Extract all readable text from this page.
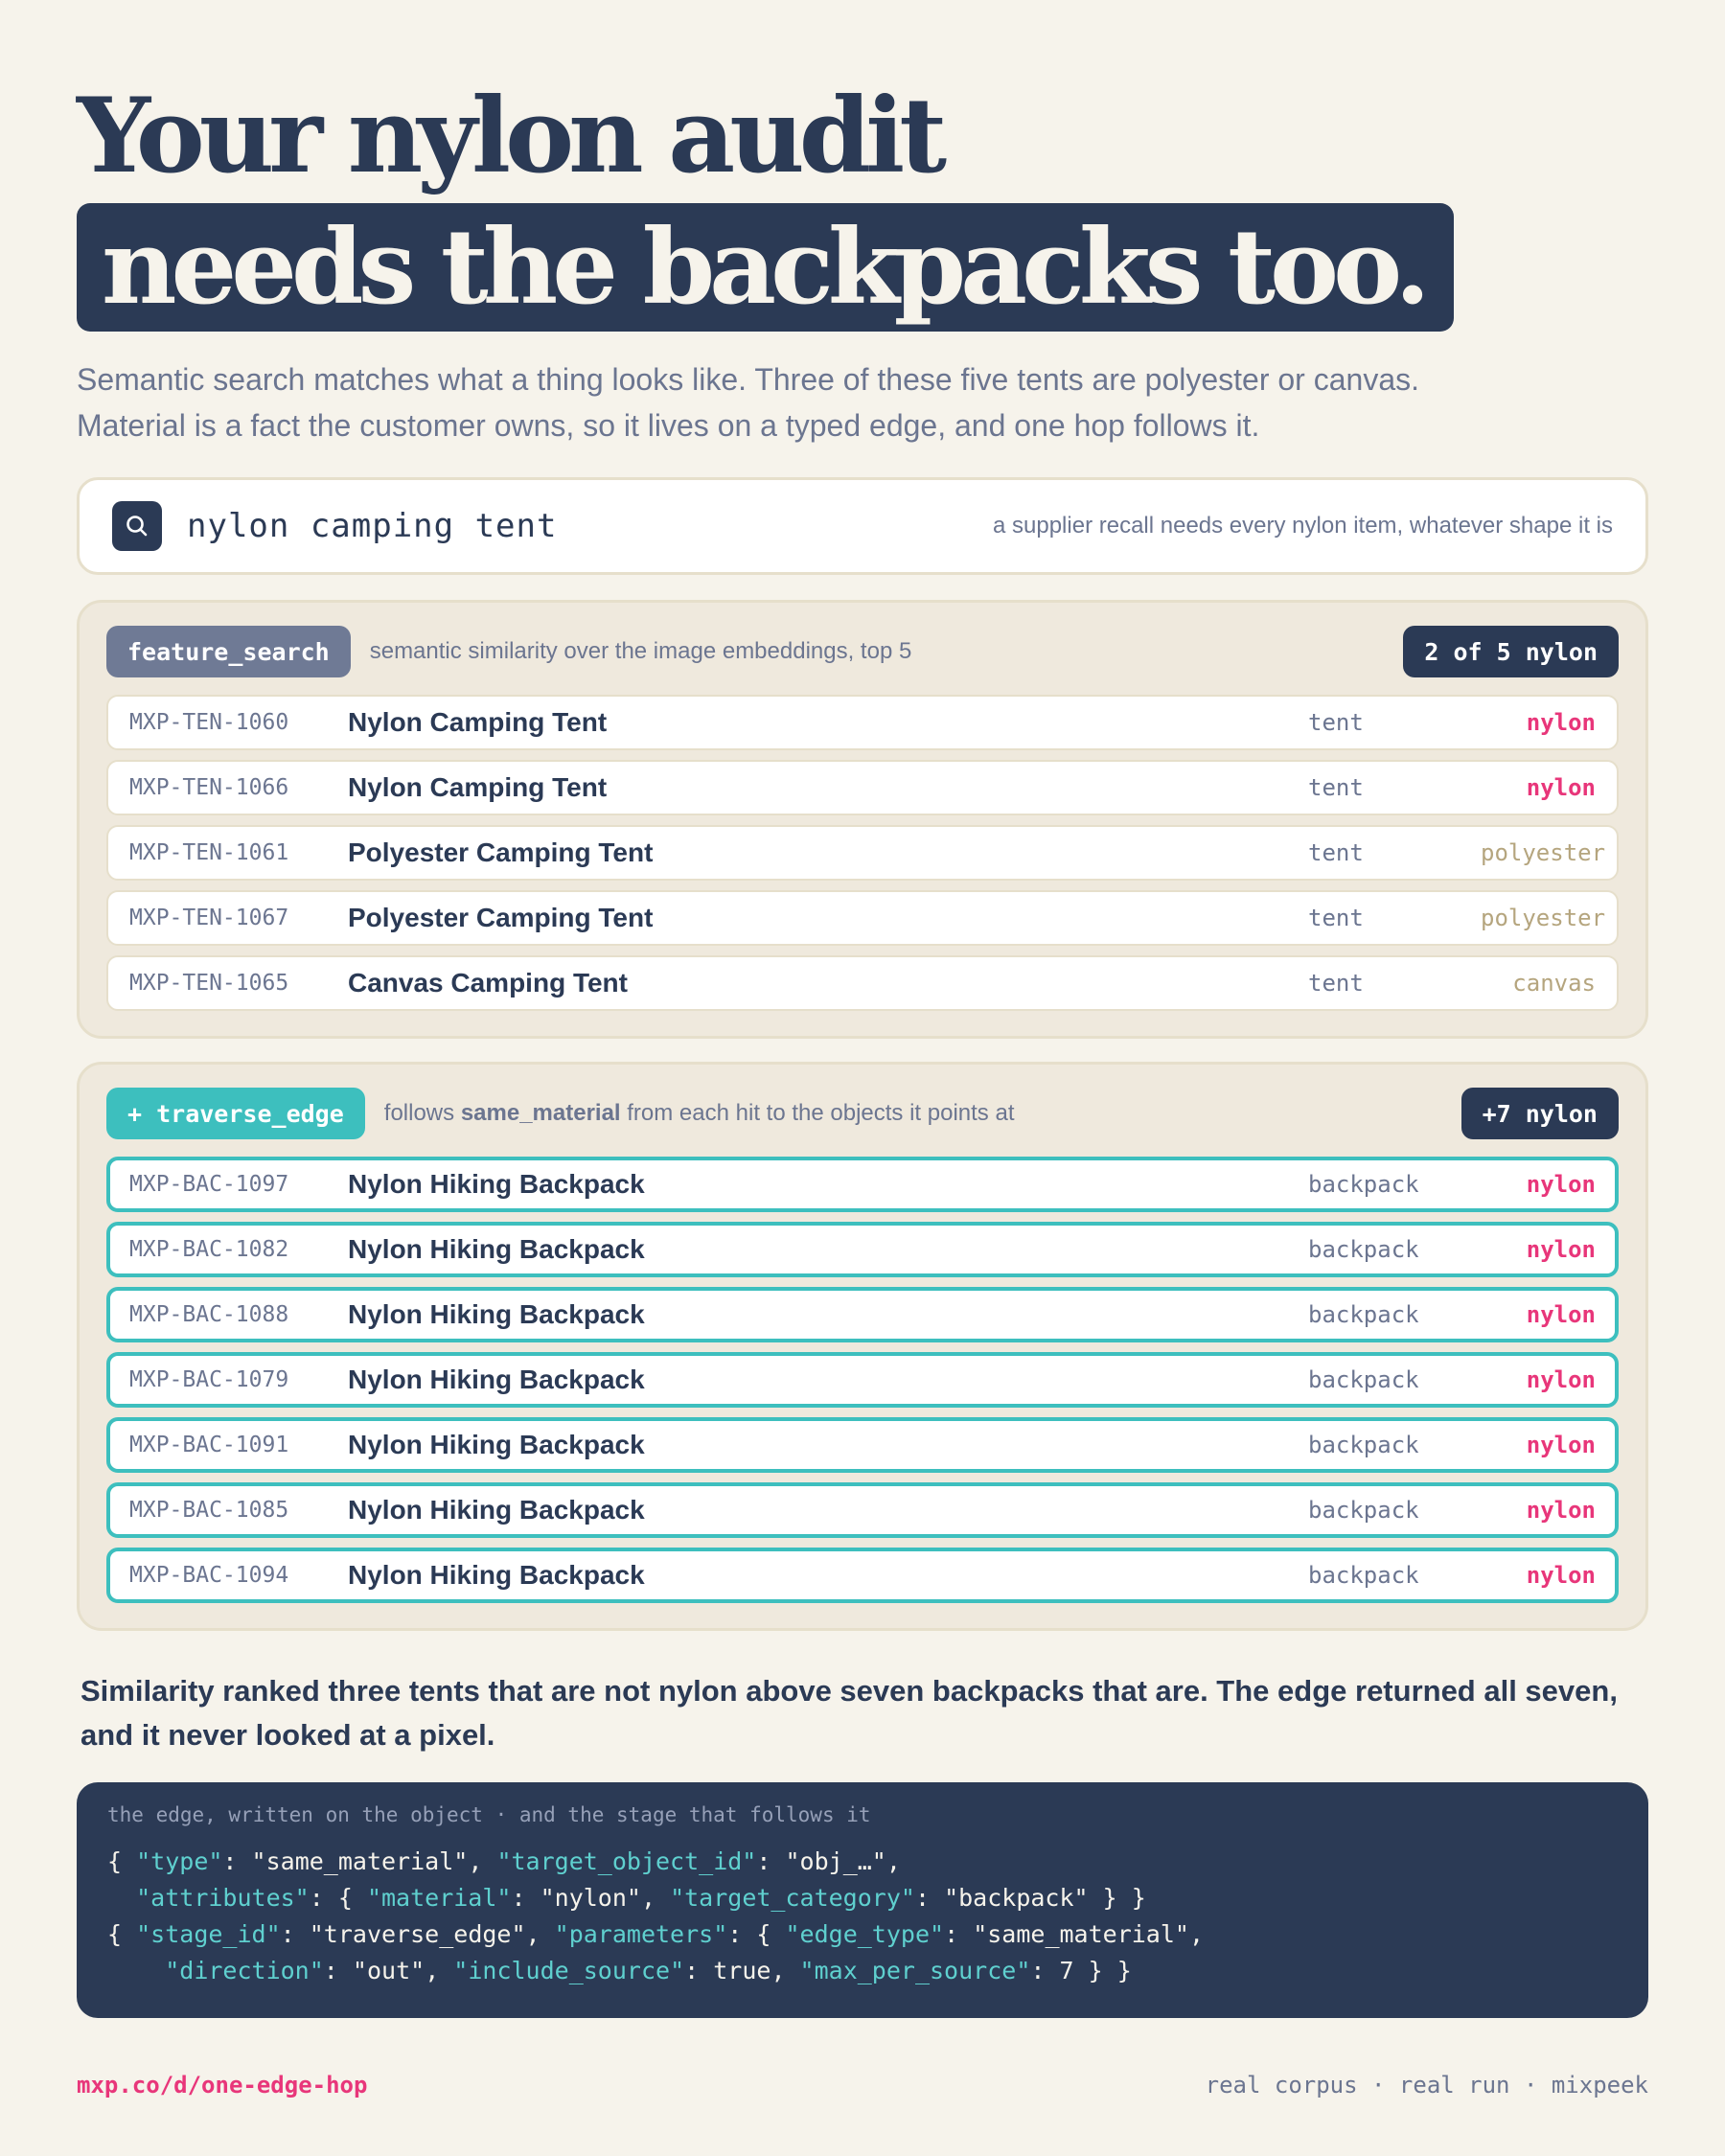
Your nylon audit
needs the backpacks too.
Semantic search matches what a thing looks like. Three of these five tents are polyester or canvas.
Material is a fact the customer owns, so it lives on a typed edge, and one hop follows it.
nylon camping tent	a supplier recall needs every nylon item, whatever shape it is
feature_search	semantic similarity over the image embeddings, top 5	2 of 5 nylon
MXP-TEN-1060	Nylon Camping Tent	tent	nylon
MXP-TEN-1066	Nylon Camping Tent	tent	nylon
MXP-TEN-1061	Polyester Camping Tent	tent	polyester
MXP-TEN-1067	Polyester Camping Tent	tent	polyester
MXP-TEN-1065	Canvas Camping Tent	tent	canvas
+ traverse_edge	follows same_material from each hit to the objects it points at	+7 nylon
MXP-BAC-1097	Nylon Hiking Backpack	backpack	nylon
MXP-BAC-1082	Nylon Hiking Backpack	backpack	nylon
MXP-BAC-1088	Nylon Hiking Backpack	backpack	nylon
MXP-BAC-1079	Nylon Hiking Backpack	backpack	nylon
MXP-BAC-1091	Nylon Hiking Backpack	backpack	nylon
MXP-BAC-1085	Nylon Hiking Backpack	backpack	nylon
MXP-BAC-1094	Nylon Hiking Backpack	backpack	nylon
Similarity ranked three tents that are not nylon above seven backpacks that are. The edge returned all seven,
and it never looked at a pixel.
the edge, written on the object · and the stage that follows it
{ "type": "same_material", "target_object_id": "obj_…",
"attributes": { "material": "nylon", "target_category": "backpack" } }
{ "stage_id": "traverse_edge", "parameters": { "edge_type": "same_material",
"direction": "out", "include_source": true, "max_per_source": 7 } }
mxp.co/d/one-edge-hop	real corpus · real run · mixpeek
